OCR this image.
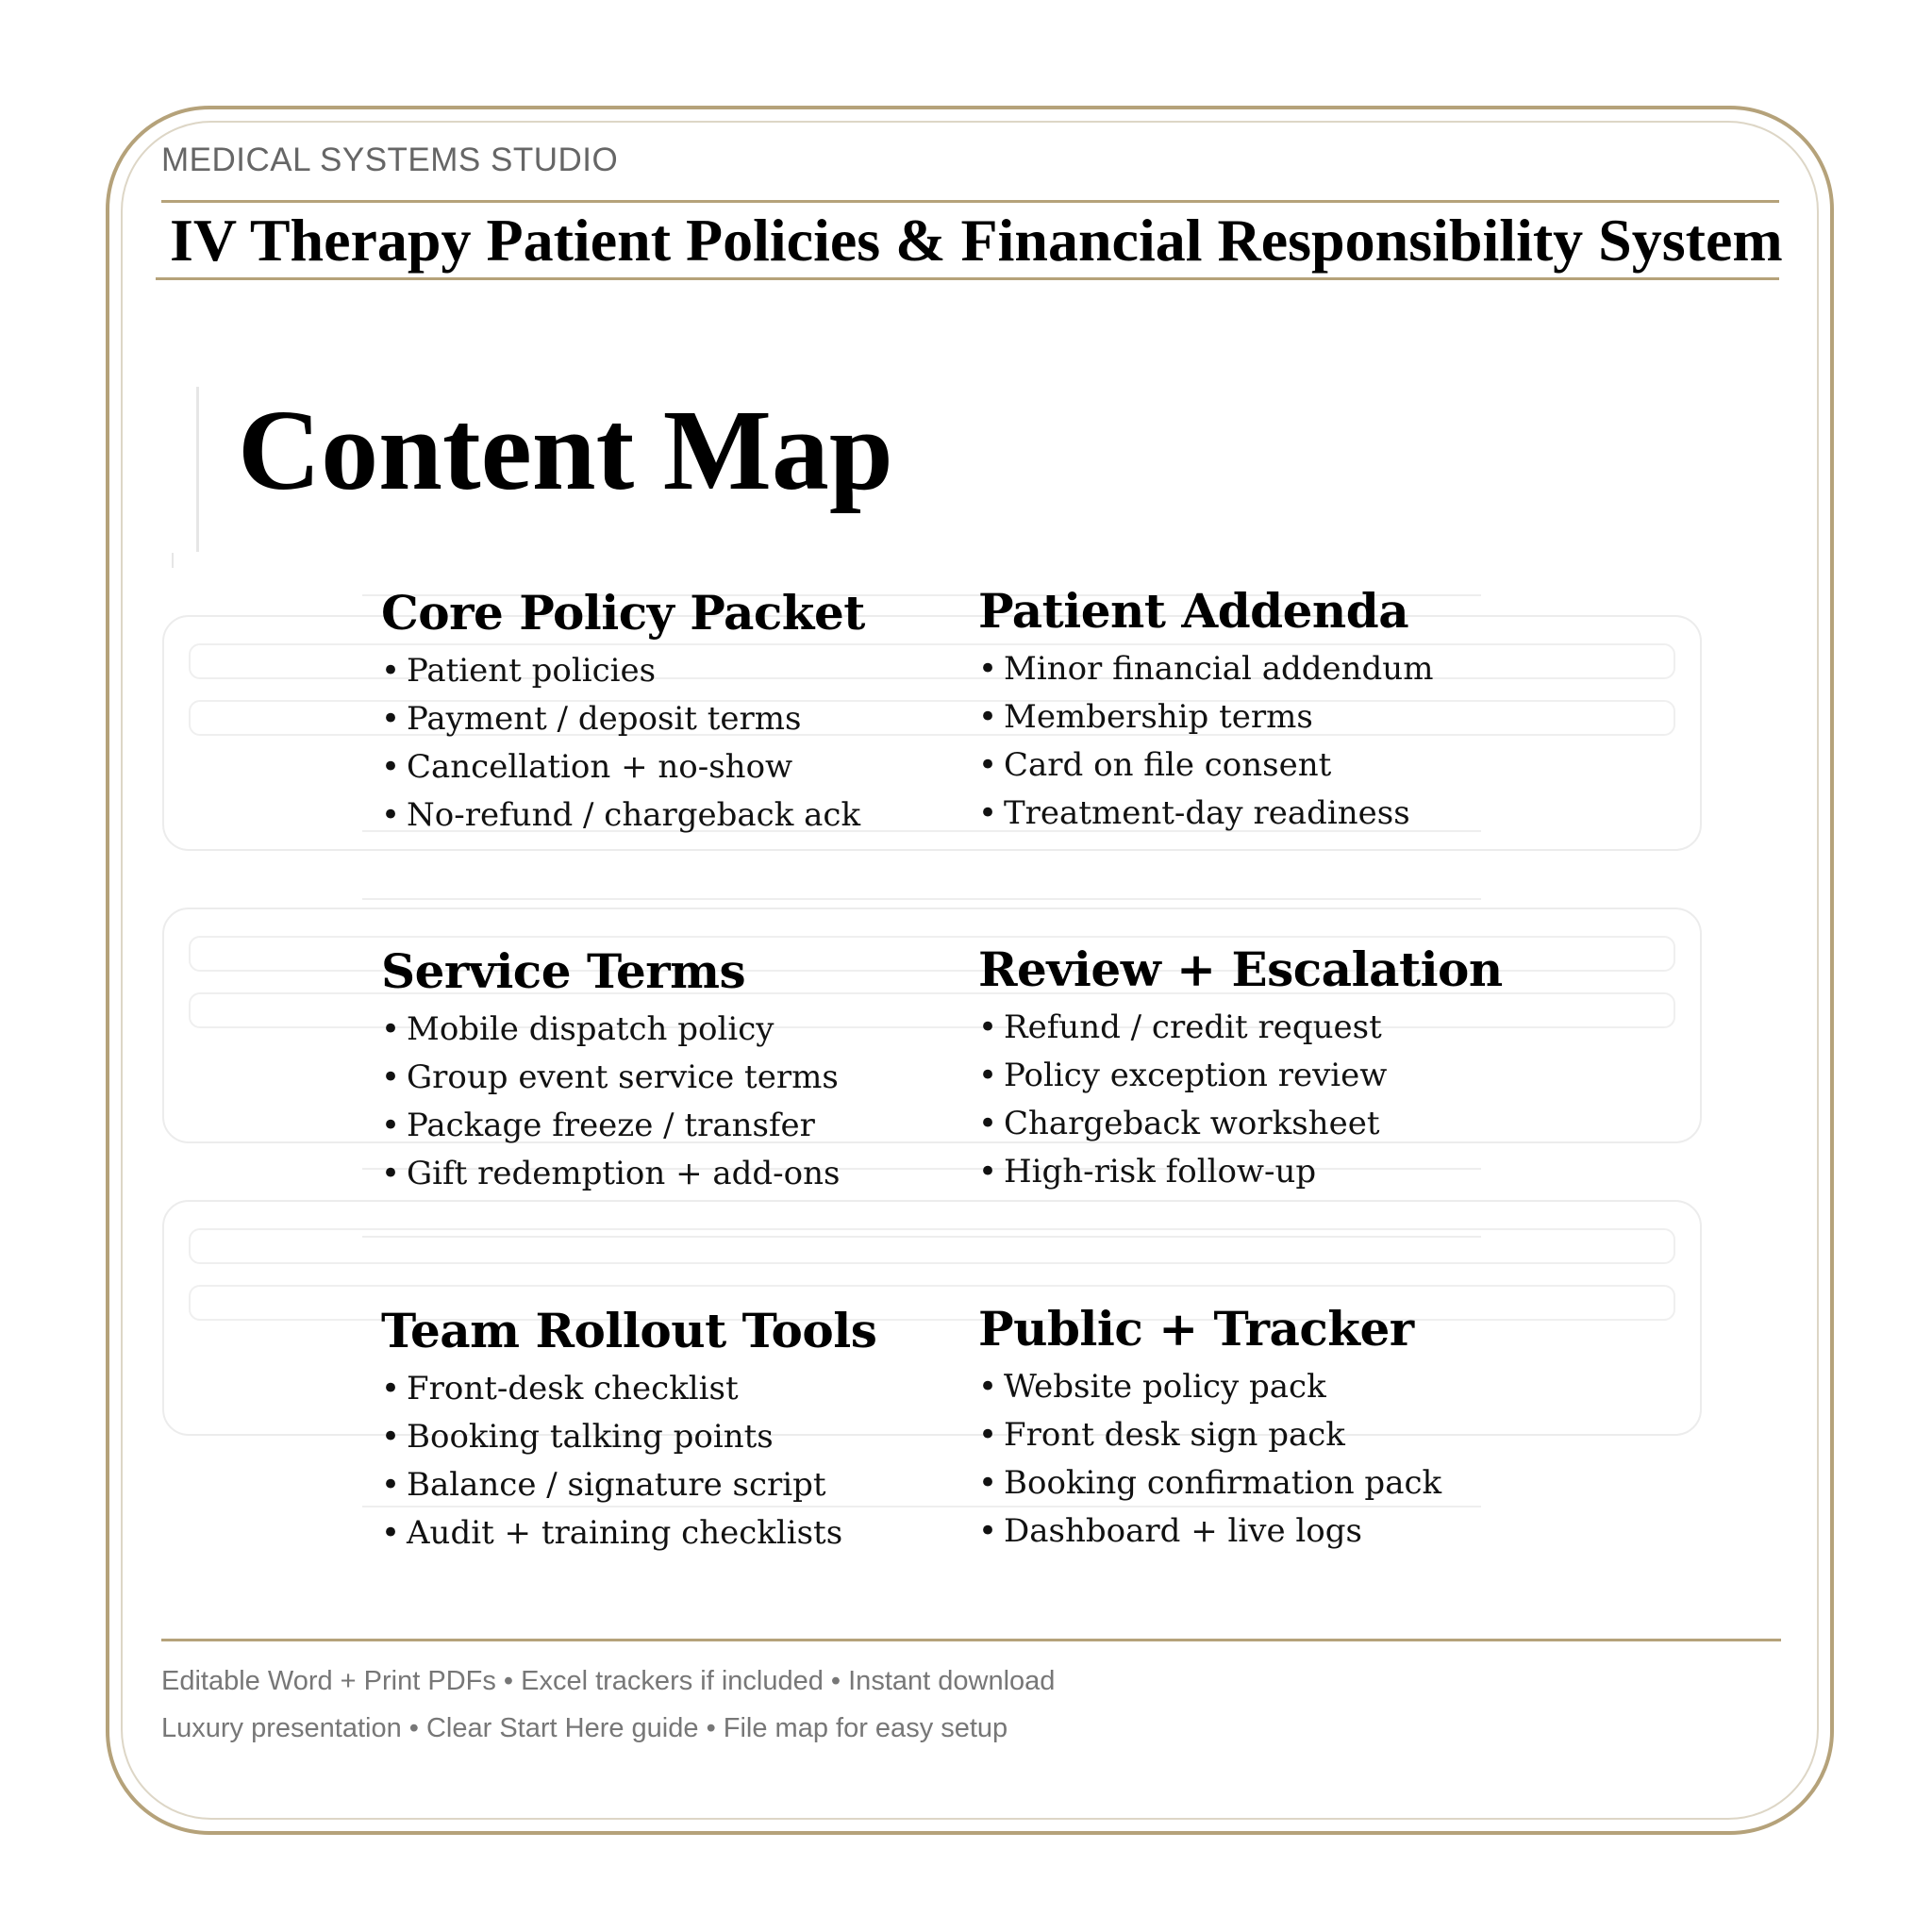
MEDICAL SYSTEMS STUDIO
IV Therapy Patient Policies & Financial Responsibility System
Content Map
Core Policy Packet
• Patient policies
• Payment / deposit terms
• Cancellation + no-show
• No-refund / chargeback ack
Patient Addenda
• Minor financial addendum
• Membership terms
• Card on file consent
• Treatment-day readiness
Service Terms
• Mobile dispatch policy
• Group event service terms
• Package freeze / transfer
• Gift redemption + add-ons
Review + Escalation
• Refund / credit request
• Policy exception review
• Chargeback worksheet
• High-risk follow-up
Team Rollout Tools
• Front-desk checklist
• Booking talking points
• Balance / signature script
• Audit + training checklists
Public + Tracker
• Website policy pack
• Front desk sign pack
• Booking confirmation pack
• Dashboard + live logs
Editable Word + Print PDFs • Excel trackers if included • Instant download
Luxury presentation • Clear Start Here guide • File map for easy setup
